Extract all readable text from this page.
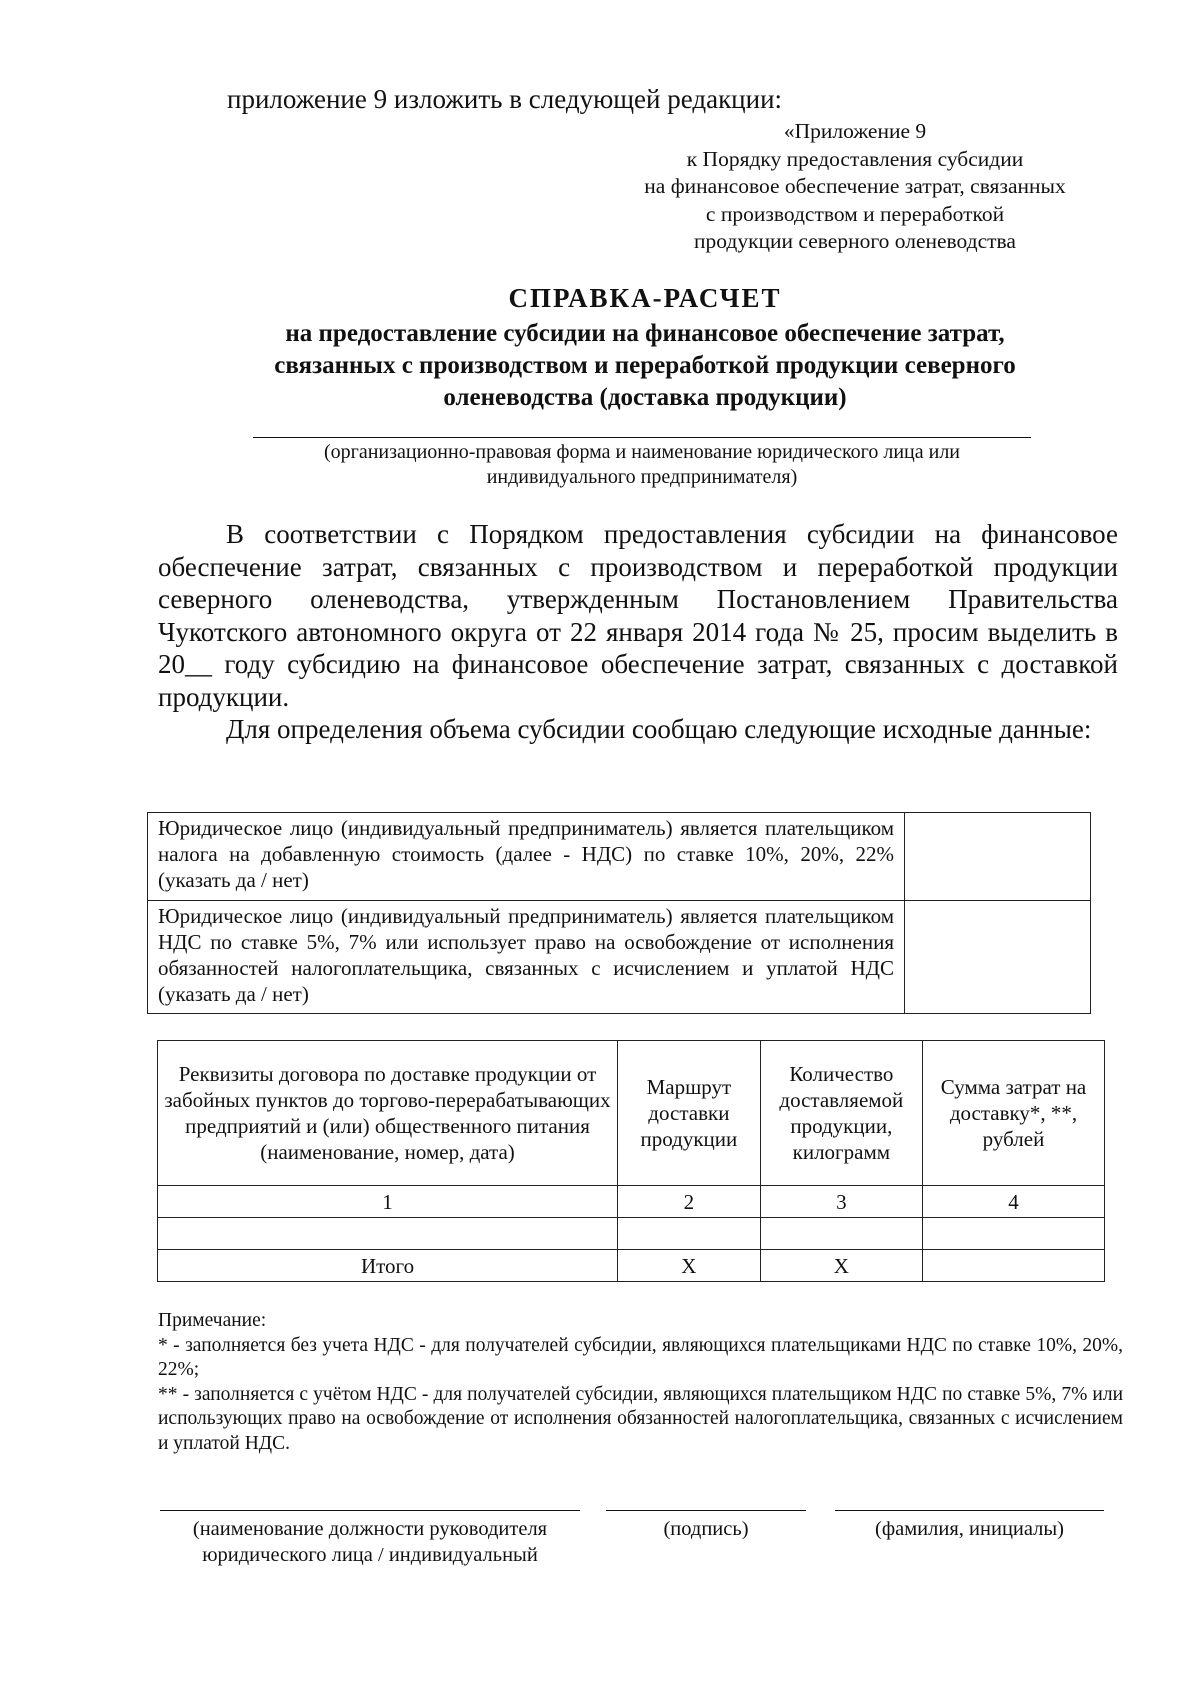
приложение 9 изложить в следующей редакции:
«Приложение 9
к Порядку предоставления субсидии
на финансовое обеспечение затрат, связанных
с производством и переработкой
продукции северного оленеводства
СПРАВКА-РАСЧЕТ
на предоставление субсидии на финансовое обеспечение затрат,
связанных с производством и переработкой продукции северного
оленеводства (доставка продукции)
(организационно-правовая форма и наименование юридического лица или
индивидуального предпринимателя)
В соответствии с Порядком предоставления субсидии на финансовое обеспечение затрат, связанных с производством и переработкой продукции северного оленеводства, утвержденным Постановлением Правительства Чукотского автономного округа от 22 января 2014 года № 25, просим выделить в 20__ году субсидию на финансовое обеспечение затрат, связанных с доставкой продукции.
Для определения объема субсидии сообщаю следующие исходные данные:
Юридическое лицо (индивидуальный предприниматель) является плательщиком налога на добавленную стоимость (далее - НДС) по ставке 10%, 20%, 22% (указать да / нет)	
Юридическое лицо (индивидуальный предприниматель) является плательщиком НДС по ставке 5%, 7% или использует право на освобождение от исполнения обязанностей налогоплательщика, связанных с исчислением и уплатой НДС (указать да / нет)	
Реквизиты договора по доставке продукции от забойных пунктов до торгово-перерабатывающих предприятий и (или) общественного питания (наименование, номер, дата)	Маршрут доставки продукции	Количество доставляемой продукции, килограмм	Сумма затрат на доставку*, **, рублей
1	2	3	4

Итого	Х	Х	
Примечание:
* - заполняется без учета НДС - для получателей субсидии, являющихся плательщиками НДС по ставке 10%, 20%, 22%;
** - заполняется с учётом НДС - для получателей субсидии, являющихся плательщиком НДС по ставке 5%, 7% или использующих право на освобождение от исполнения обязанностей налогоплательщика, связанных с исчислением и уплатой НДС.
(наименование должности руководителя
юридического лица / индивидуальный
(подпись)	(фамилия, инициалы)
